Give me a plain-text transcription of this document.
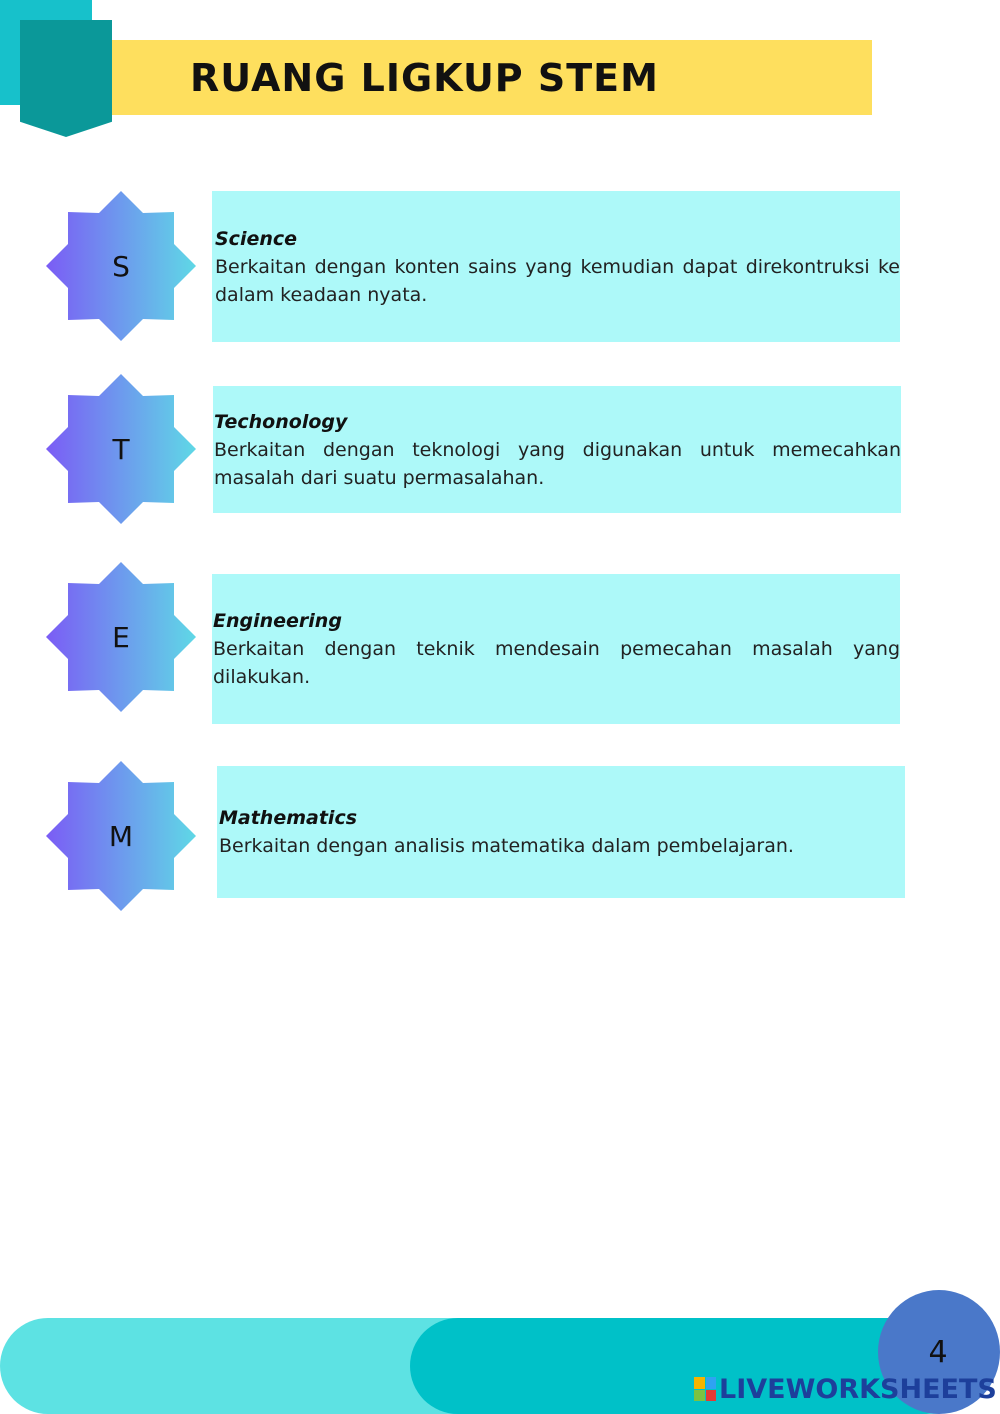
RUANG LIGKUP STEM
S
Science
Berkaitan dengan konten sains yang kemudian dapat direkontruksi ke dalam keadaan nyata.
T
Techonology
Berkaitan dengan teknologi yang digunakan untuk memecahkan masalah dari suatu permasalahan.
E	Engineering
Berkaitan dengan teknik mendesain pemecahan masalah yang dilakukan.
M
Mathematics
Berkaitan dengan analisis matematika dalam pembelajaran.
4
LIVEWORKSHEETS
